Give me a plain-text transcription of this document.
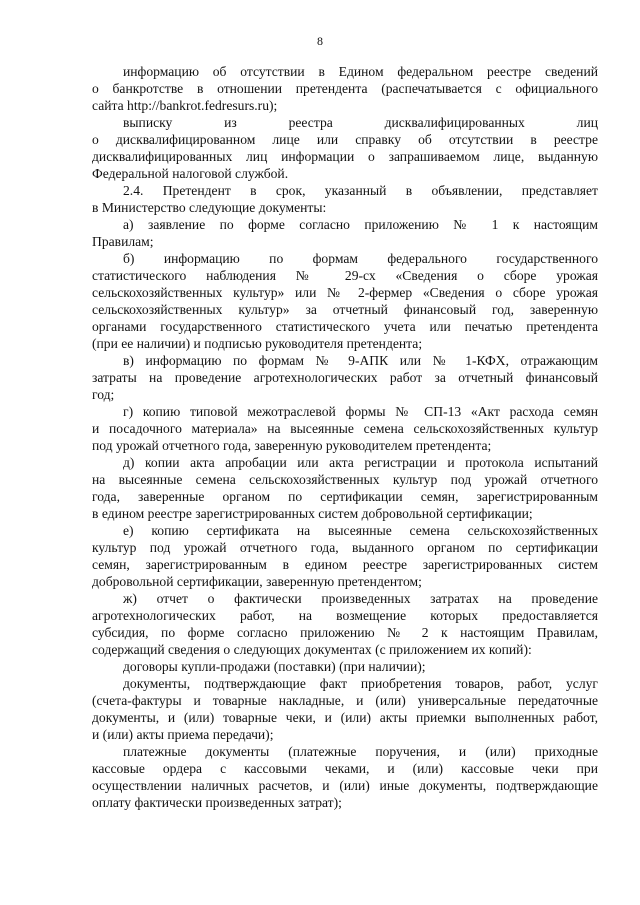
8
информацию об отсутствии в Едином федеральном реестре сведений
о банкротстве в отношении претендента (распечатывается с официального
сайта http://bankrot.fedresurs.ru);
выписку из реестра дисквалифицированных лиц
о дисквалифицированном лице или справку об отсутствии в реестре
дисквалифицированных лиц информации о запрашиваемом лице, выданную
Федеральной налоговой службой.
2.4. Претендент в срок, указанный в объявлении, представляет
в Министерство следующие документы:
а) заявление по форме согласно приложению № 1 к настоящим
Правилам;
б) информацию по формам федерального государственного
статистического наблюдения № 29-сх «Сведения о сборе урожая
сельскохозяйственных культур» или № 2-фермер «Сведения о сборе урожая
сельскохозяйственных культур» за отчетный финансовый год, заверенную
органами государственного статистического учета или печатью претендента
(при ее наличии) и подписью руководителя претендента;
в) информацию по формам № 9-АПК или № 1-КФХ, отражающим
затраты на проведение агротехнологических работ за отчетный финансовый
год;
г) копию типовой межотраслевой формы № СП-13 «Акт расхода семян
и посадочного материала» на высеянные семена сельскохозяйственных культур
под урожай отчетного года, заверенную руководителем претендента;
д) копии акта апробации или акта регистрации и протокола испытаний
на высеянные семена сельскохозяйственных культур под урожай отчетного
года, заверенные органом по сертификации семян, зарегистрированным
в едином реестре зарегистрированных систем добровольной сертификации;
е) копию сертификата на высеянные семена сельскохозяйственных
культур под урожай отчетного года, выданного органом по сертификации
семян, зарегистрированным в едином реестре зарегистрированных систем
добровольной сертификации, заверенную претендентом;
ж) отчет о фактически произведенных затратах на проведение
агротехнологических работ, на возмещение которых предоставляется
субсидия, по форме согласно приложению № 2 к настоящим Правилам,
содержащий сведения о следующих документах (с приложением их копий):
договоры купли-продажи (поставки) (при наличии);
документы, подтверждающие факт приобретения товаров, работ, услуг
(счета-фактуры и товарные накладные, и (или) универсальные передаточные
документы, и (или) товарные чеки, и (или) акты приемки выполненных работ,
и (или) акты приема передачи);
платежные документы (платежные поручения, и (или) приходные
кассовые ордера с кассовыми чеками, и (или) кассовые чеки при
осуществлении наличных расчетов, и (или) иные документы, подтверждающие
оплату фактически произведенных затрат);
